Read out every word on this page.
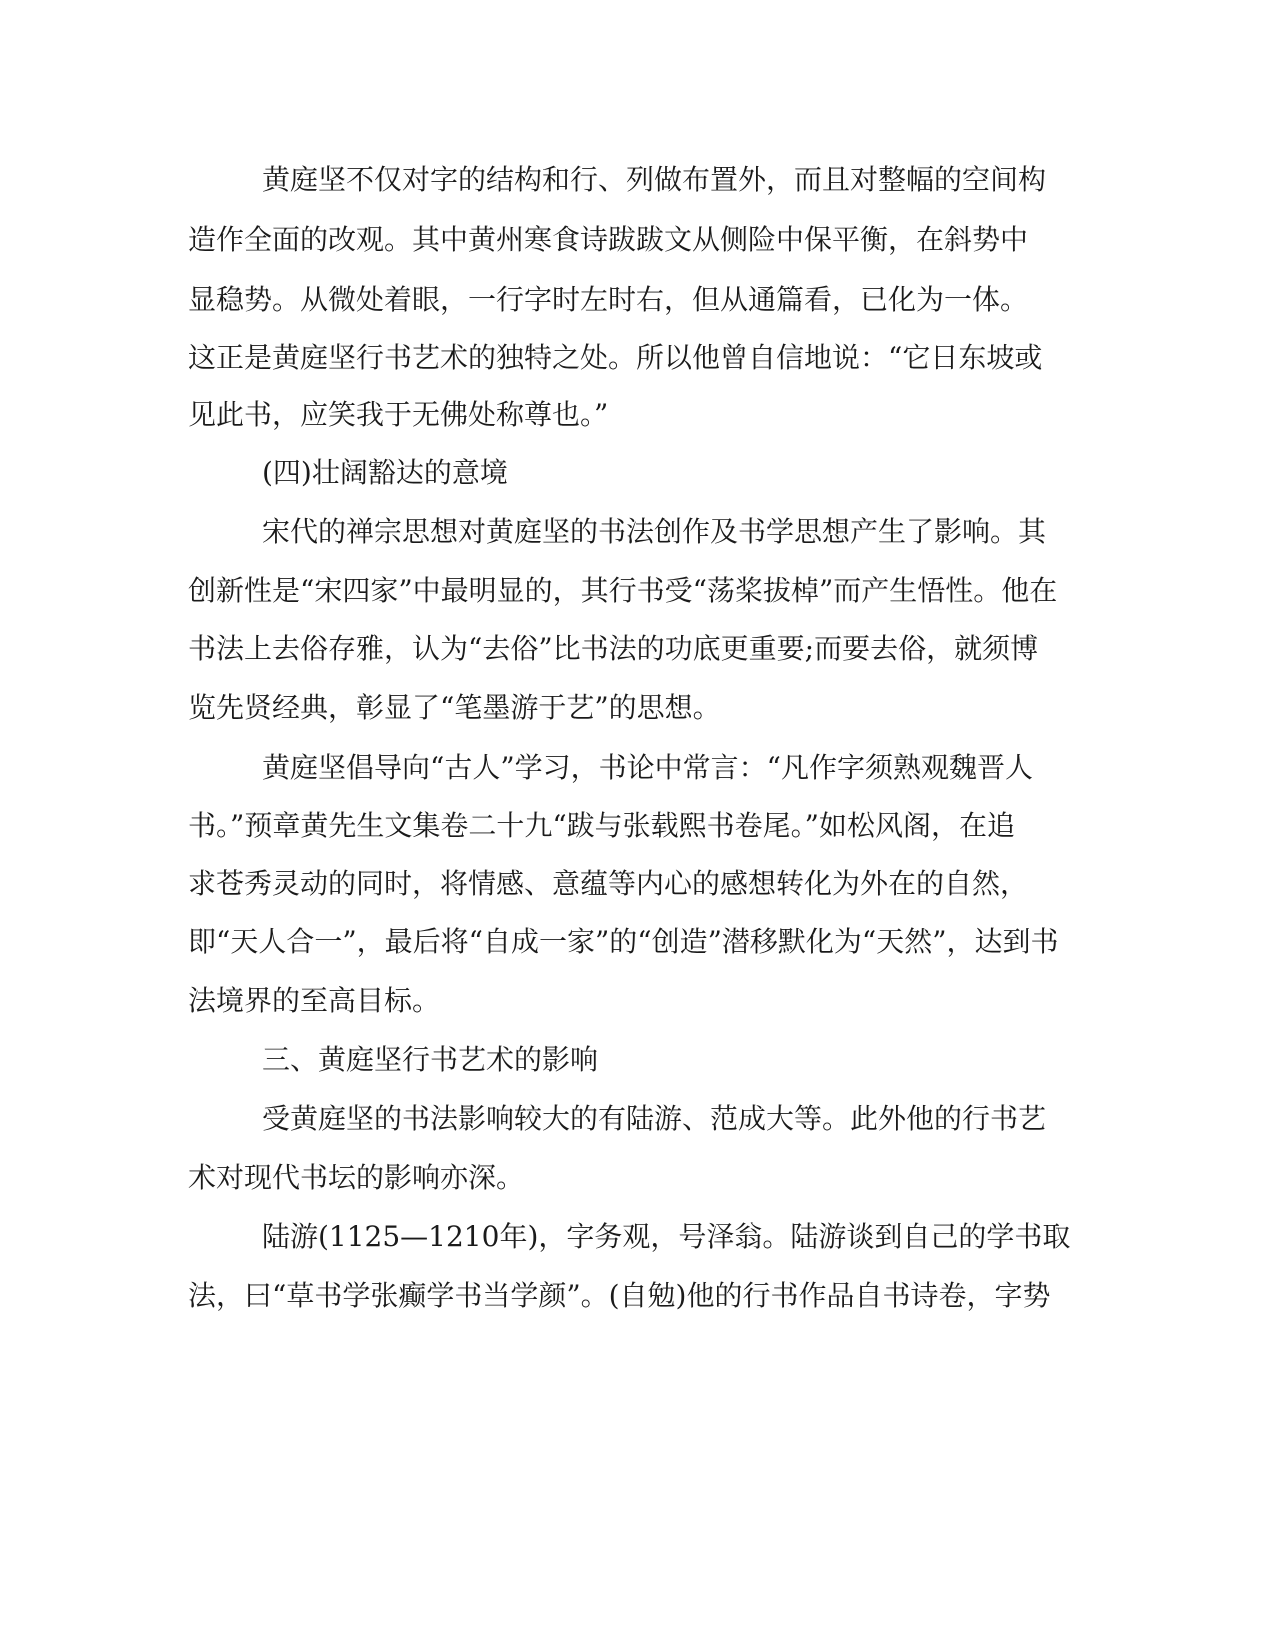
黄庭坚不仅对字的结构和行、列做布置外，而且对整幅的空间构
造作全面的改观。其中黄州寒食诗跋跋文从侧险中保平衡，在斜势中
显稳势。从微处着眼，一行字时左时右，但从通篇看，已化为一体。
这正是黄庭坚行书艺术的独特之处。所以他曾自信地说：“它日东坡或
见此书，应笑我于无佛处称尊也。”
(四)壮阔豁达的意境
宋代的禅宗思想对黄庭坚的书法创作及书学思想产生了影响。其
创新性是“宋四家”中最明显的，其行书受“荡桨拔棹”而产生悟性。他在
书法上去俗存雅，认为“去俗”比书法的功底更重要;而要去俗，就须博
览先贤经典，彰显了“笔墨游于艺”的思想。
黄庭坚倡导向“古人”学习，书论中常言：“凡作字须熟观魏晋人
书。”预章黄先生文集卷二十九“跋与张载熙书卷尾。”如松风阁，在追
求苍秀灵动的同时，将情感、意蕴等内心的感想转化为外在的自然，
即“天人合一”，最后将“自成一家”的“创造”潜移默化为“天然”，达到书
法境界的至高目标。
三、黄庭坚行书艺术的影响
受黄庭坚的书法影响较大的有陆游、范成大等。此外他的行书艺
术对现代书坛的影响亦深。
陆游(1125—1210年)，字务观，号泽翁。陆游谈到自己的学书取
法，曰“草书学张癫学书当学颜”。(自勉)他的行书作品自书诗卷，字势
